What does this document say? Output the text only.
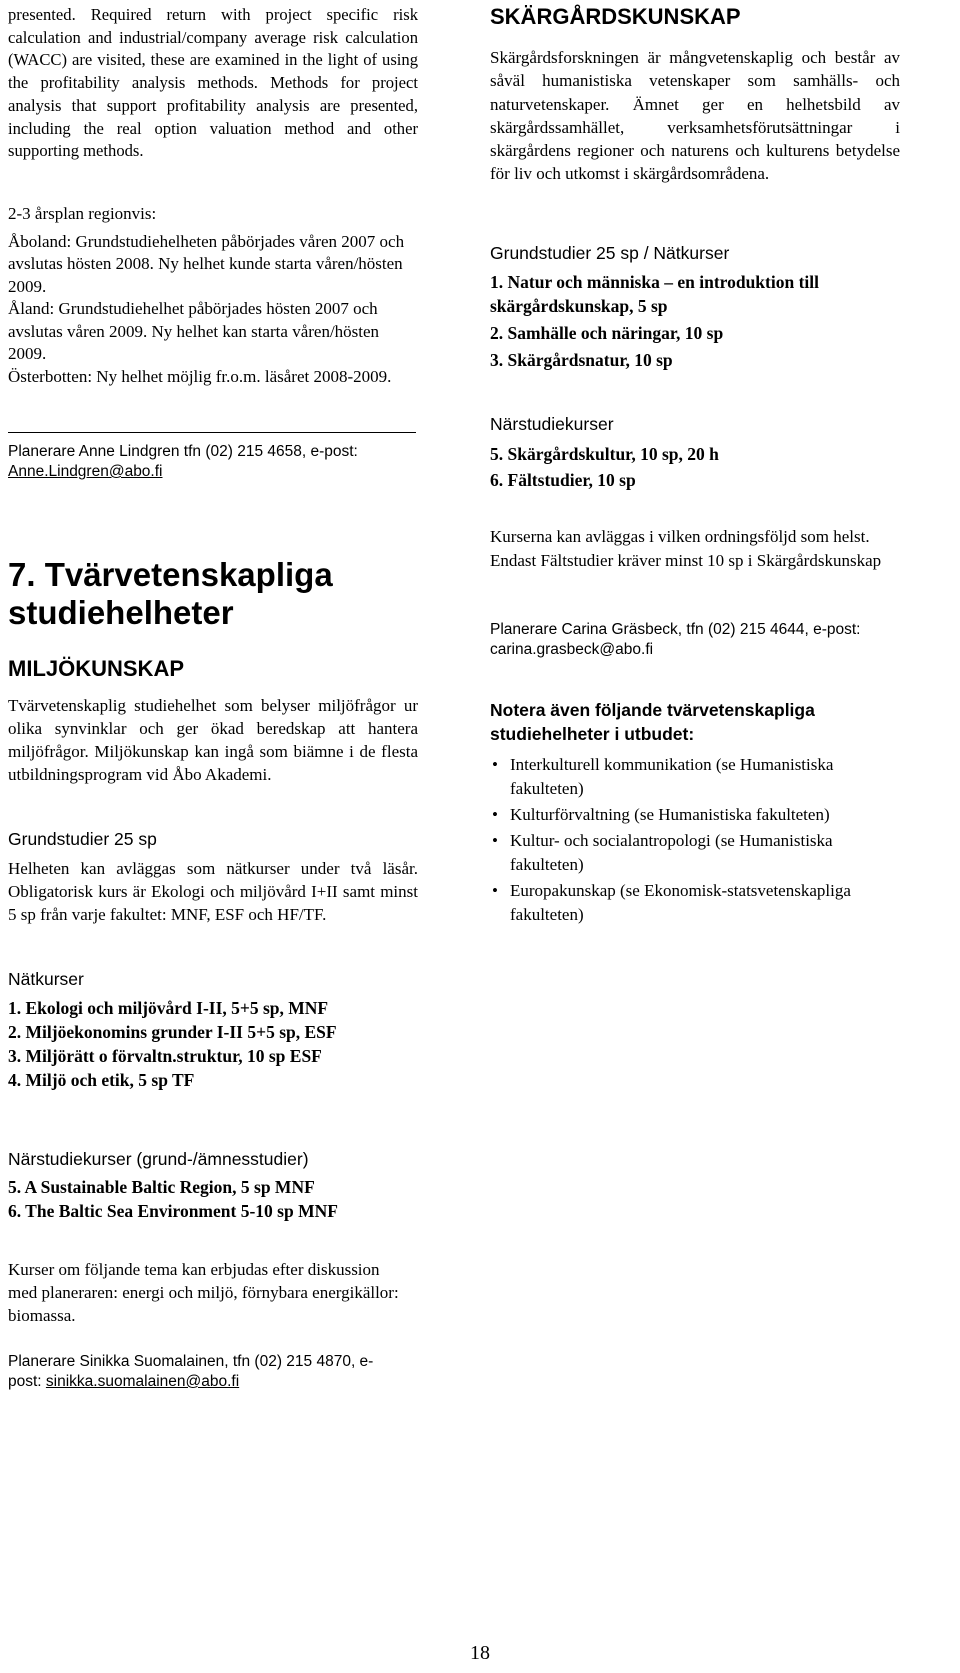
presented. Required return with project specific risk calculation and industrial/company average risk calculation (WACC) are visited, these are examined in the light of using the profitability analysis methods. Methods for project analysis that support profitability analysis are presented, including the real option valuation method and other supporting methods.

2-3 årsplan regionvis:

Åboland: Grundstudiehelheten påbörjades våren 2007 och avslutas hösten 2008. Ny helhet kunde starta våren/hösten 2009.

Åland: Grundstudiehelhet påbörjades hösten 2007 och avslutas våren 2009. Ny helhet kan starta våren/hösten 2009.

Österbotten: Ny helhet möjlig fr.o.m. läsåret 2008-2009.

Planerare Anne Lindgren tfn (02) 215 4658, e-post: Anne.Lindgren@abo.fi

7. Tvärvetenskapliga studiehelheter
MILJÖKUNSKAP

Tvärvetenskaplig studiehelhet som belyser miljöfrågor ur olika synvinklar och ger ökad beredskap att hantera miljöfrågor. Miljökunskap kan ingå som biämne i de flesta utbildningsprogram vid Åbo Akademi.

Grundstudier 25 sp

Helheten kan avläggas som nätkurser under två läsår. Obligatorisk kurs är Ekologi och miljövård I+II samt minst 5 sp från varje fakultet: MNF, ESF och HF/TF.

Nätkurser
1. Ekologi och miljövård I-II, 5+5 sp, MNF
2. Miljöekonomins grunder I-II 5+5 sp, ESF
3. Miljörätt o förvaltn.struktur, 10 sp ESF
4. Miljö och etik, 5 sp TF
Närstudiekurser (grund-/ämnesstudier)
5. A Sustainable Baltic Region, 5 sp MNF
6. The Baltic Sea Environment 5-10 sp MNF

Kurser om följande tema kan erbjudas efter diskussion med planeraren: energi och miljö, förnybara energikällor: biomassa.

Planerare Sinikka Suomalainen, tfn (02) 215 4870, e-post: sinikka.suomalainen@abo.fi

SKÄRGÅRDSKUNSKAP

Skärgårdsforskningen är mångvetenskaplig och består av såväl humanistiska vetenskaper som samhälls- och naturvetenskaper. Ämnet ger en helhetsbild av skärgårdssamhället, verksamhetsförutsättningar i skärgårdens regioner och naturens och kulturens betydelse för liv och utkomst i skärgårdsområdena.

Grundstudier 25 sp / Nätkurser
1. Natur och människa – en introduktion till skärgårdskunskap, 5 sp
2. Samhälle och näringar, 10 sp
3. Skärgårdsnatur, 10 sp
Närstudiekurser
5. Skärgårdskultur, 10 sp, 20 h
6. Fältstudier, 10 sp

Kurserna kan avläggas i vilken ordningsföljd som helst. Endast Fältstudier kräver minst 10 sp i Skärgårdskunskap

Planerare Carina Gräsbeck, tfn (02) 215 4644, e-post: carina.grasbeck@abo.fi

Notera även följande tvärvetenskapliga studiehelheter i utbudet:
• Interkulturell kommunikation (se Humanistiska fakulteten)
• Kulturförvaltning (se Humanistiska fakulteten)
• Kultur- och socialantropologi (se Humanistiska fakulteten)
• Europakunskap (se Ekonomisk-statsvetenskapliga fakulteten)
18
